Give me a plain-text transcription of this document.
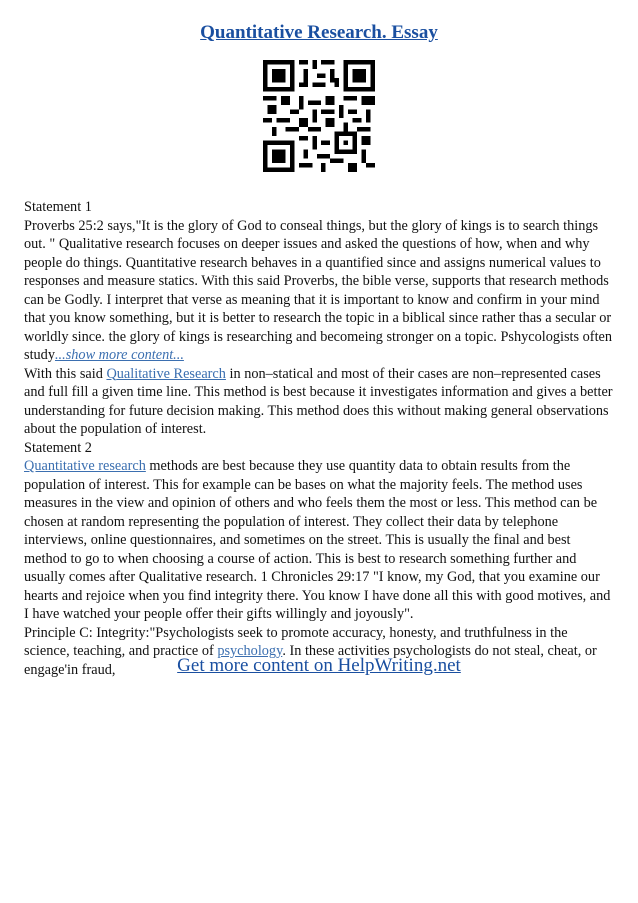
Quantitative Research. Essay

Statement 1

Proverbs 25:2 says,"It is the glory of God to conseal things, but the glory of kings is to search things out. " Qualitative research focuses on deeper issues and asked the questions of how, when and why people do things. Quantitative research behaves in a quantified since and assigns numerical values to responses and measure statics. With this said Proverbs, the bible verse, supports that research methods can be Godly. I interpret that verse as meaning that it is important to know and confirm in your mind that you know something, but it is better to research the topic in a biblical since rather thas a secular or worldly since. the glory of kings is researching and becomeing stronger on a topic. Pshycologists often study...show more content...

With this said Qualitative Research in non–statical and most of their cases are non–represented cases and full fill a given time line. This method is best because it investigates information and gives a better understanding for future decision making. This method does this without making general observations about the population of interest.

Statement 2

Quantitative research methods are best because they use quantity data to obtain results from the population of interest. This for example can be bases on what the majority feels. The method uses measures in the view and opinion of others and who feels them the most or less. This method can be chosen at random representing the population of interest. They collect their data by telephone interviews, online questionnaires, and sometimes on the street. This is usually the final and best method to go to when choosing a course of action. This is best to research something further and usually comes after Qualitative research. 1 Chronicles 29:17 "I know, my God, that you examine our hearts and rejoice when you find integrity there. You know I have done all this with good motives, and I have watched your people offer their gifts willingly and joyously".

Principle C: Integrity:"Psychologists seek to promote accuracy, honesty, and truthfulness in the science, teaching, and practice of psychology. In these activities psychologists do not steal, cheat, or engage'in fraud,	Get more content on HelpWriting.net
